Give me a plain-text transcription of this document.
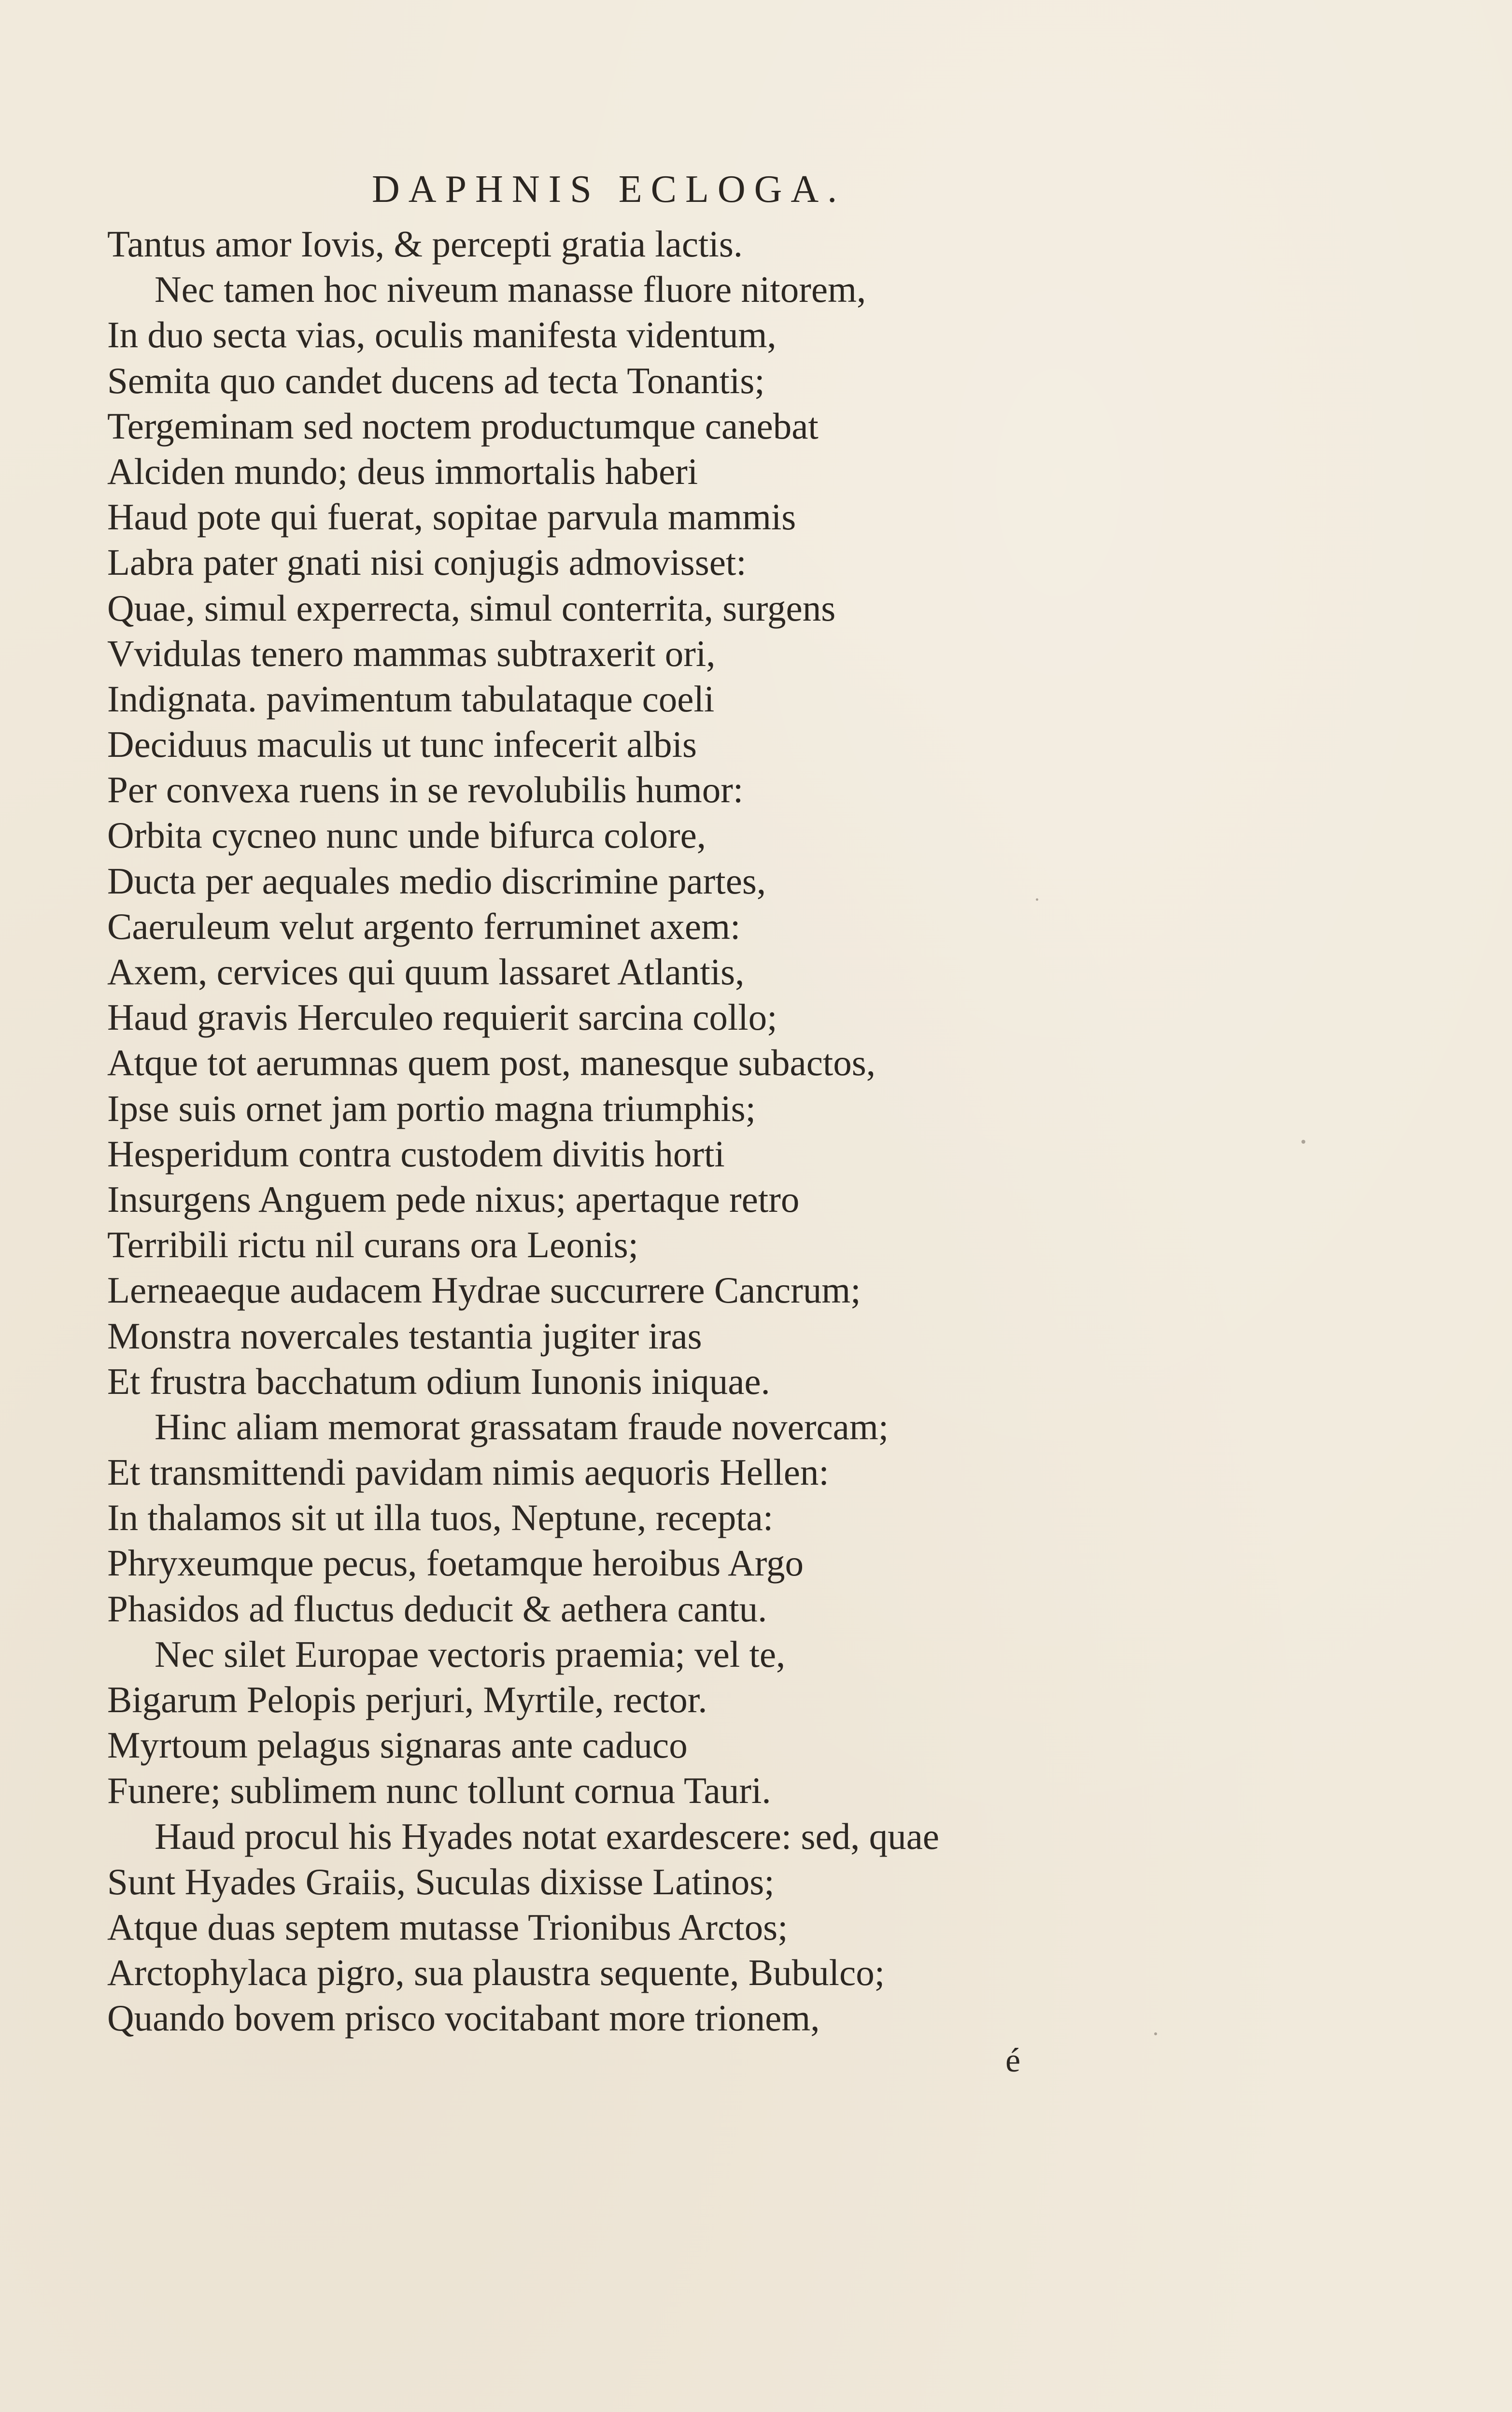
DAPHNIS ECLOGA.
Tantus amor Iovis, & percepti gratia lactis.
Nec tamen hoc niveum manasse fluore nitorem,
In duo secta vias, oculis manifesta videntum,
Semita quo candet ducens ad tecta Tonantis;
Tergeminam sed noctem productumque canebat
Alciden mundo; deus immortalis haberi
Haud pote qui fuerat, sopitae parvula mammis
Labra pater gnati nisi conjugis admovisset:
Quae, simul experrecta, simul conterrita, surgens
Vvidulas tenero mammas subtraxerit ori,
Indignata. pavimentum tabulataque coeli
Deciduus maculis ut tunc infecerit albis
Per convexa ruens in se revolubilis humor:
Orbita cycneo nunc unde bifurca colore,
Ducta per aequales medio discrimine partes,
Caeruleum velut argento ferruminet axem:
Axem, cervices qui quum lassaret Atlantis,
Haud gravis Herculeo requierit sarcina collo;
Atque tot aerumnas quem post, manesque subactos,
Ipse suis ornet jam portio magna triumphis;
Hesperidum contra custodem divitis horti
Insurgens Anguem pede nixus; apertaque retro
Terribili rictu nil curans ora Leonis;
Lerneaeque audacem Hydrae succurrere Cancrum;
Monstra novercales testantia jugiter iras
Et frustra bacchatum odium Iunonis iniquae.
Hinc aliam memorat grassatam fraude novercam;
Et transmittendi pavidam nimis aequoris Hellen:
In thalamos sit ut illa tuos, Neptune, recepta:
Phryxeumque pecus, foetamque heroibus Argo
Phasidos ad fluctus deducit & aethera cantu.
Nec silet Europae vectoris praemia; vel te,
Bigarum Pelopis perjuri, Myrtile, rector.
Myrtoum pelagus signaras ante caduco
Funere; sublimem nunc tollunt cornua Tauri.
Haud procul his Hyades notat exardescere: sed, quae
Sunt Hyades Graiis, Suculas dixisse Latinos;
Atque duas septem mutasse Trionibus Arctos;
Arctophylaca pigro, sua plaustra sequente, Bubulco;
Quando bovem prisco vocitabant more trionem,
é
